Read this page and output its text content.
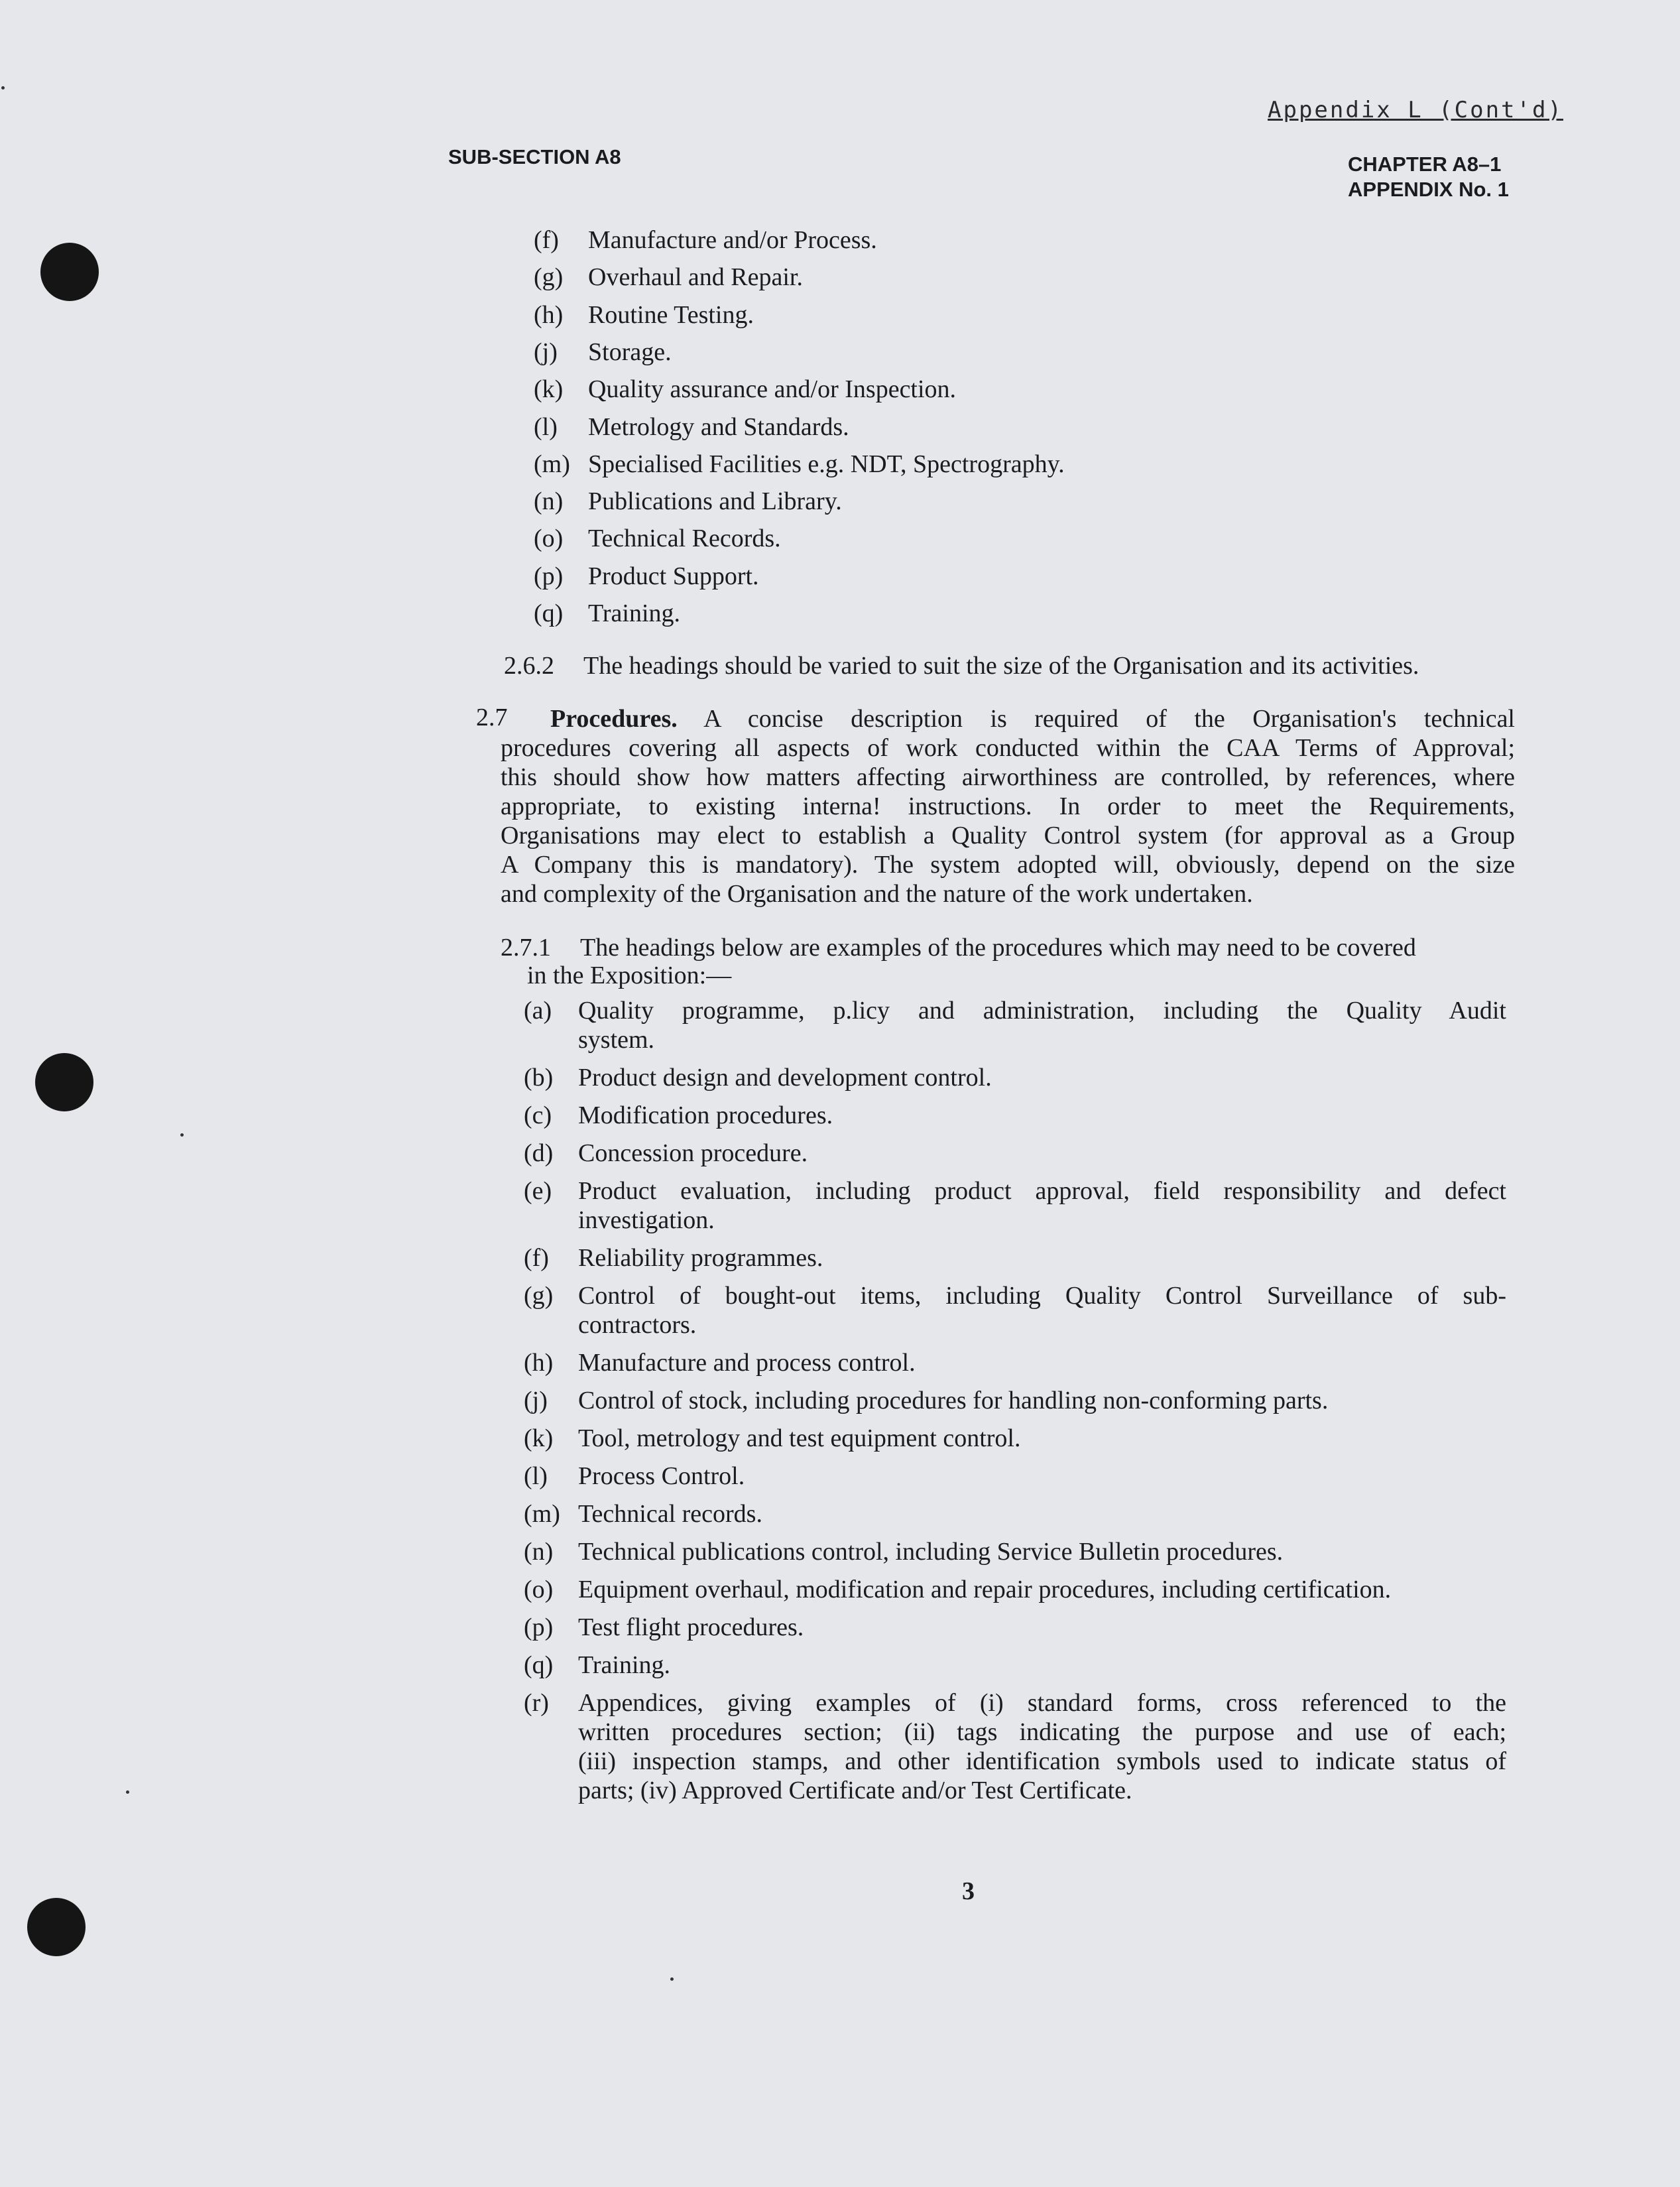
Appendix L (Cont'd)
SUB-SECTION A8	CHAPTER A8–1
APPENDIX No. 1
(f) Manufacture and/or Process.
(g) Overhaul and Repair.
(h) Routine Testing.
(j) Storage.
(k) Quality assurance and/or Inspection.
(l) Metrology and Standards.
(m) Specialised Facilities e.g. NDT, Spectrography.
(n) Publications and Library.
(o) Technical Records.
(p) Product Support.
(q) Training.
2.6.2 The headings should be varied to suit the size of the Organisation and its activities.
2.7	Procedures. A concise description is required of the Organisation's technical
procedures covering all aspects of work conducted within the CAA Terms of Approval;
this should show how matters affecting airworthiness are controlled, by references, where
appropriate, to existing interna! instructions. In order to meet the Requirements,
Organisations may elect to establish a Quality Control system (for approval as a Group
A Company this is mandatory). The system adopted will, obviously, depend on the size
and complexity of the Organisation and the nature of the work undertaken.
2.7.1 The headings below are examples of the procedures which may need to be covered
in the Exposition:—
(a) Quality programme, p.licy and administration, including the Quality Audit
system.
(b) Product design and development control.
(c) Modification procedures.
(d) Concession procedure.
(e) Product evaluation, including product approval, field responsibility and defect
investigation.
(f) Reliability programmes.
(g) Control of bought-out items, including Quality Control Surveillance of sub-
contractors.
(h) Manufacture and process control.
(j) Control of stock, including procedures for handling non-conforming parts.
(k) Tool, metrology and test equipment control.
(l) Process Control.
(m) Technical records.
(n) Technical publications control, including Service Bulletin procedures.
(o) Equipment overhaul, modification and repair procedures, including certification.
(p) Test flight procedures.
(q) Training.
(r) Appendices, giving examples of (i) standard forms, cross referenced to the
written procedures section; (ii) tags indicating the purpose and use of each;
(iii) inspection stamps, and other identification symbols used to indicate status of
parts; (iv) Approved Certificate and/or Test Certificate.
3
